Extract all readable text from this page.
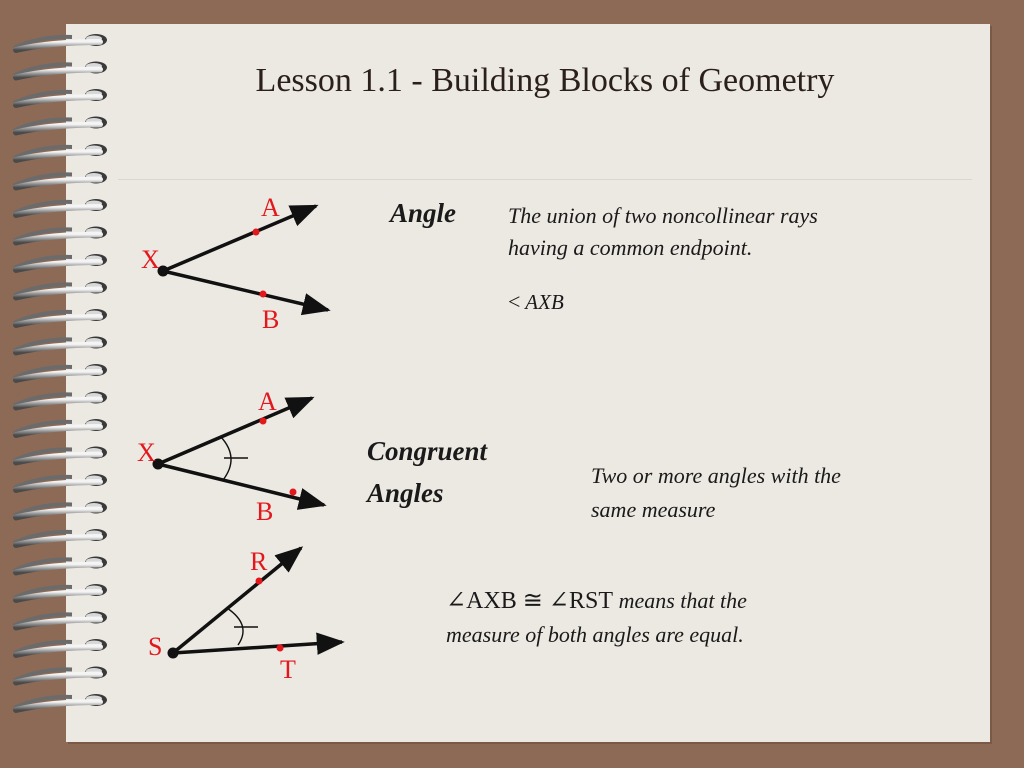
Lesson 1.1 - Building Blocks of Geometry
X
A
B
X
A
B
S
R
T
Angle The union of two noncollinear rays
having a common endpoint.
< AXB
Congruent
Angles
Two or more angles with the
same measure
∠AXB ≅ ∠RST means that the
measure of both angles are equal.
